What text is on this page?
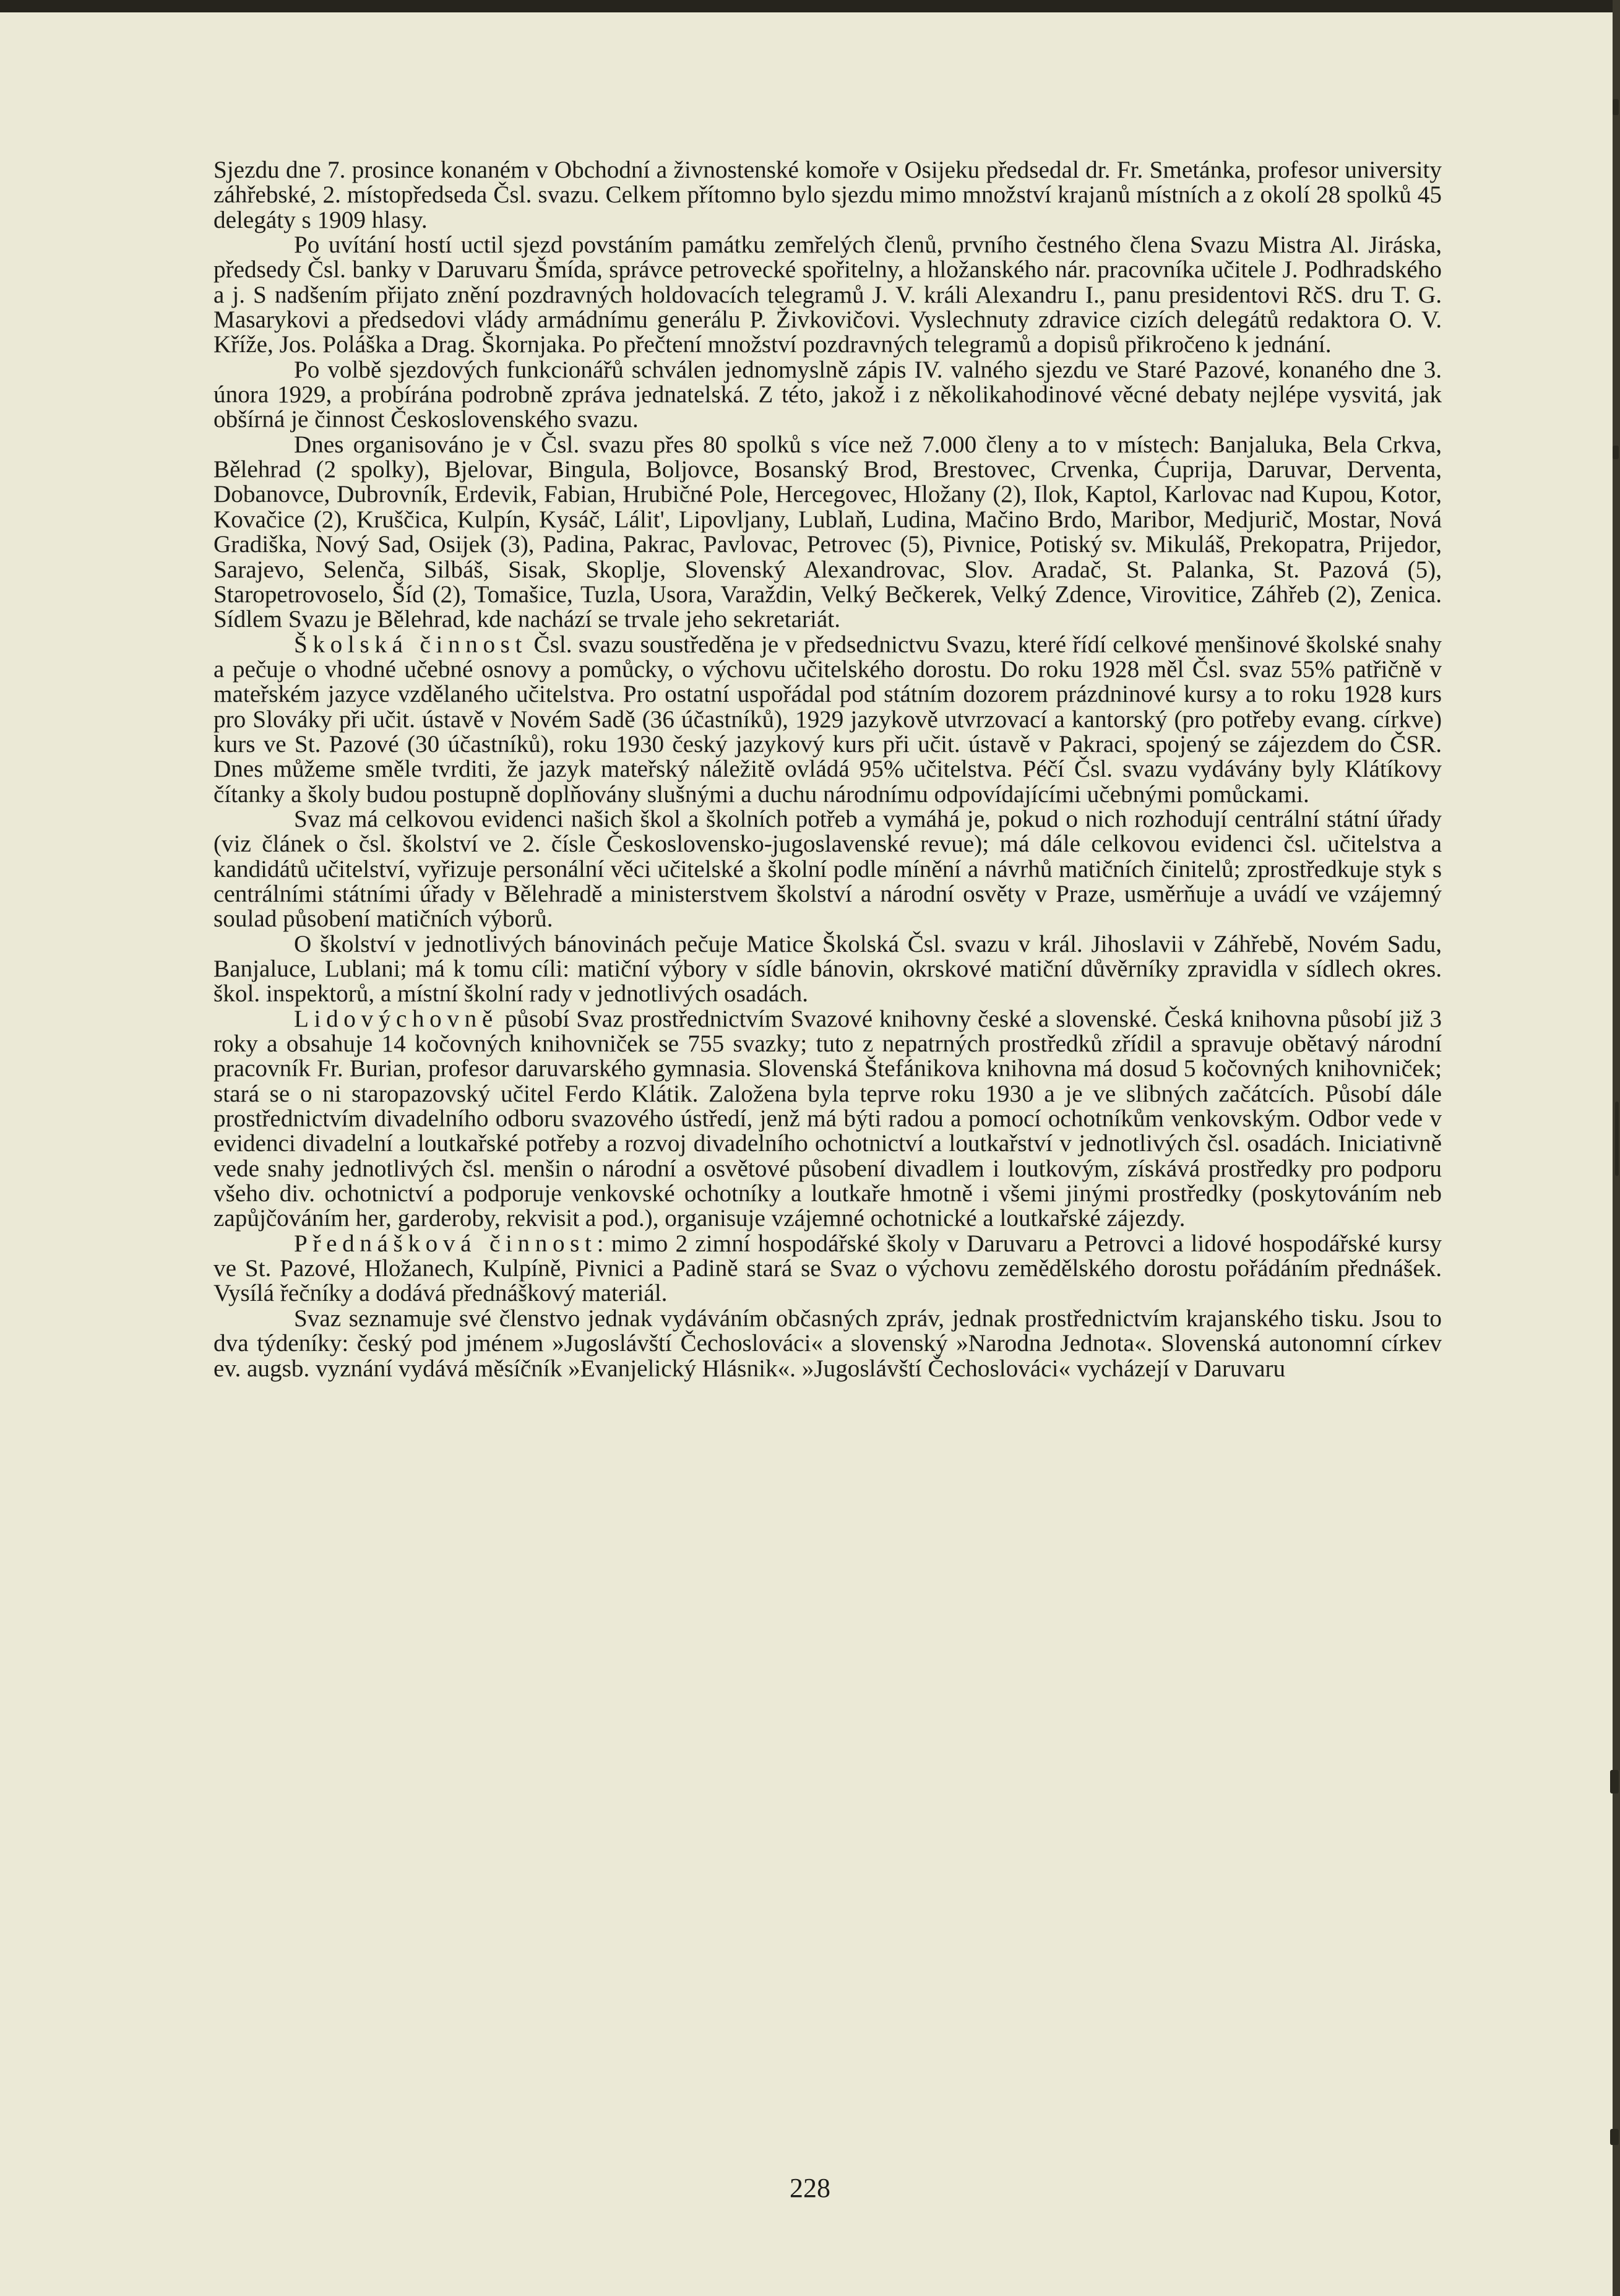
Sjezdu dne 7. prosince konaném v Obchodní a živnostenské komoře v Osijeku předsedal dr. Fr. Smetánka, profesor university záhřebské, 2. místopředseda Čsl. svazu. Celkem přítomno bylo sjezdu mimo množství krajanů místních a z okolí 28 spolků 45 delegáty s 1909 hlasy.

Po uvítání hostí uctil sjezd povstáním památku zemřelých členů, prvního čestného člena Svazu Mistra Al. Jiráska, předsedy Čsl. banky v Daruvaru Šmída, správce petrovecké spořitelny, a hložanského nár. pracovníka učitele J. Podhradského a j. S nadšením přijato znění pozdravných holdovacích telegramů J. V. králi Alexandru I., panu presidentovi RčS. dru T. G. Masarykovi a předsedovi vlády armádnímu generálu P. Živkovičovi. Vyslechnuty zdravice cizích delegátů redaktora O. V. Kříže, Jos. Poláška a Drag. Škornjaka. Po přečtení množství pozdravných telegramů a dopisů přikročeno k jednání.

Po volbě sjezdových funkcionářů schválen jednomyslně zápis IV. valného sjezdu ve Staré Pazové, konaného dne 3. února 1929, a probírána podrobně zpráva jednatelská. Z této, jakož i z několikahodinové věcné debaty nejlépe vysvitá, jak obšírná je činnost Československého svazu.

Dnes organisováno je v Čsl. svazu přes 80 spolků s více než 7.000 členy a to v místech: Banjaluka, Bela Crkva, Bělehrad (2 spolky), Bjelovar, Bingula, Boljovce, Bosanský Brod, Brestovec, Crvenka, Ćuprija, Daruvar, Derventa, Dobanovce, Dubrovník, Erdevik, Fabian, Hrubičné Pole, Hercegovec, Hložany (2), Ilok, Kaptol, Karlovac nad Kupou, Kotor, Kovačice (2), Kruščica, Kulpín, Kysáč, Lálit', Lipovljany, Lublaň, Ludina, Mačino Brdo, Maribor, Medjurič, Mostar, Nová Gradiška, Nový Sad, Osijek (3), Padina, Pakrac, Pavlovac, Petrovec (5), Pivnice, Potiský sv. Mikuláš, Prekopatra, Prijedor, Sarajevo, Selenča, Silbáš, Sisak, Skoplje, Slovenský Alexandrovac, Slov. Aradač, St. Palanka, St. Pazová (5), Staropetrovoselo, Šíd (2), Tomašice, Tuzla, Usora, Varaždin, Velký Bečkerek, Velký Zdence, Virovitice, Záhřeb (2), Zenica. Sídlem Svazu je Bělehrad, kde nachází se trvale jeho sekretariát.

Školská činnost Čsl. svazu soustředěna je v předsednictvu Svazu, které řídí celkové menšinové školské snahy a pečuje o vhodné učebné osnovy a pomůcky, o výchovu učitelského dorostu. Do roku 1928 měl Čsl. svaz 55% patřičně v mateřském jazyce vzdělaného učitelstva. Pro ostatní uspořádal pod státním dozorem prázdninové kursy a to roku 1928 kurs pro Slováky při učit. ústavě v Novém Sadě (36 účastníků), 1929 jazykově utvrzovací a kantorský (pro potřeby evang. církve) kurs ve St. Pazové (30 účastníků), roku 1930 český jazykový kurs při učit. ústavě v Pakraci, spojený se zájezdem do ČSR. Dnes můžeme směle tvrditi, že jazyk mateřský náležitě ovládá 95% učitelstva. Péčí Čsl. svazu vydávány byly Klátíkovy čítanky a školy budou postupně doplňovány slušnými a duchu národnímu odpovídajícími učebnými pomůckami.

Svaz má celkovou evidenci našich škol a školních potřeb a vymáhá je, pokud o nich rozhodují centrální státní úřady (viz článek o čsl. školství ve 2. čísle Československo-jugoslavenské revue); má dále celkovou evidenci čsl. učitelstva a kandidátů učitelství, vyřizuje personální věci učitelské a školní podle mínění a návrhů matičních činitelů; zprostředkuje styk s centrálními státními úřady v Bělehradě a ministerstvem školství a národní osvěty v Praze, usměrňuje a uvádí ve vzájemný soulad působení matičních výborů.

O školství v jednotlivých bánovinách pečuje Matice Školská Čsl. svazu v král. Jihoslavii v Záhřebě, Novém Sadu, Banjaluce, Lublani; má k tomu cíli: matiční výbory v sídle bánovin, okrskové matiční důvěrníky zpravidla v sídlech okres. škol. inspektorů, a místní školní rady v jednotlivých osadách.

Lidovýchovně působí Svaz prostřednictvím Svazové knihovny české a slovenské. Česká knihovna působí již 3 roky a obsahuje 14 kočovných knihovniček se 755 svazky; tuto z nepatrných prostředků zřídil a spravuje obětavý národní pracovník Fr. Burian, profesor daruvarského gymnasia. Slovenská Štefánikova knihovna má dosud 5 kočovných knihovniček; stará se o ni staropazovský učitel Ferdo Klátik. Založena byla teprve roku 1930 a je ve slibných začátcích. Působí dále prostřednictvím divadelního odboru svazového ústředí, jenž má býti radou a pomocí ochotníkům venkovským. Odbor vede v evidenci divadelní a loutkařské potřeby a rozvoj divadelního ochotnictví a loutkařství v jednotlivých čsl. osadách. Iniciativně vede snahy jednotlivých čsl. menšin o národní a osvětové působení divadlem i loutkovým, získává prostředky pro podporu všeho div. ochotnictví a podporuje venkovské ochotníky a loutkaře hmotně i všemi jinými prostředky (poskytováním neb zapůjčováním her, garderoby, rekvisit a pod.), organisuje vzájemné ochotnické a loutkařské zájezdy.

Přednášková činnost: mimo 2 zimní hospodářské školy v Daruvaru a Petrovci a lidové hospodářské kursy ve St. Pazové, Hložanech, Kulpíně, Pivnici a Padině stará se Svaz o výchovu zemědělského dorostu pořádáním přednášek. Vysílá řečníky a dodává přednáškový materiál.

Svaz seznamuje své členstvo jednak vydáváním občasných zpráv, jednak prostřednictvím krajanského tisku. Jsou to dva týdeníky: český pod jménem »Jugoslávští Čechoslováci« a slovenský »Narodna Jednota«. Slovenská autonomní církev ev. augsb. vyznání vydává měsíčník »Evanjelický Hlásnik«. »Jugoslávští Čechoslováci« vycházejí v Daruvaru

228
